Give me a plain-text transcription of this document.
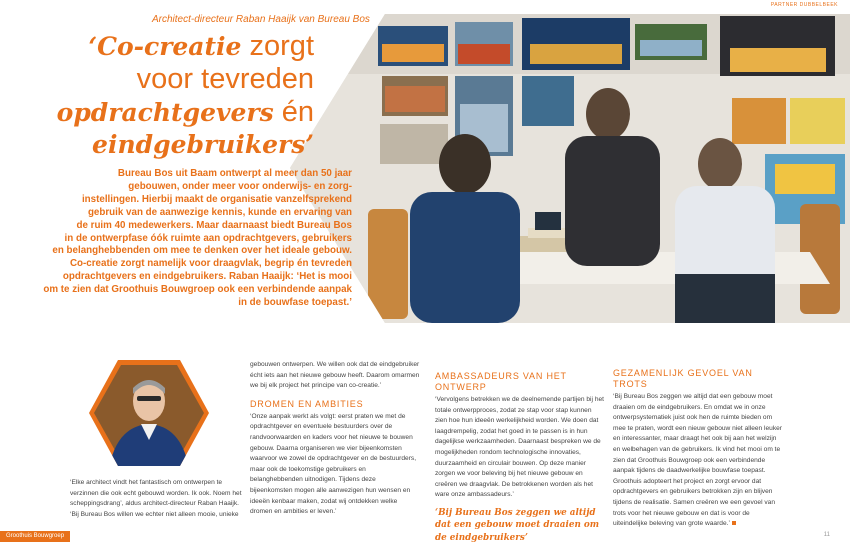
Architect-directeur Raban Haaijk van Bureau Bos
PARTNER DUBBELBEEK
‘Co-creatie zorgt
voor tevreden
opdrachtgevers én
eindgebruikers’
Bureau Bos uit Baam ontwerpt al meer dan 50 jaar
gebouwen, onder meer voor onderwijs- en zorg-
instellingen. Hierbij maakt de organisatie vanzelfsprekend
gebruik van de aanwezige kennis, kunde en ervaring van
de ruim 40 medewerkers. Maar daarnaast biedt Bureau Bos
in de ontwerpfase óók ruimte aan opdrachtgevers, gebruikers
en belanghebbenden om mee te denken over het ideale gebouw.
Co-creatie zorgt namelijk voor draagvlak, begrip én tevreden
opdrachtgevers en eindgebruikers. Raban Haaijk: ‘Het is mooi
om te zien dat Groothuis Bouwgroep ook een verbindende aanpak
in de bouwfase toepast.’

‘Elke architect vindt het fantastisch om ontwerpen te verzinnen die ook echt gebouwd worden. Ik ook. Noem het scheppingsdrang’, aldus architect-directeur Raban Haaijk. ‘Bij Bureau Bos willen we echter niet alleen mooie, unieke

gebouwen ontwerpen. We willen ook dat de eindgebruiker écht iets aan het nieuwe gebouw heeft. Daarom omarmen we bij elk project het principe van co-creatie.’

DROMEN EN AMBITIES

‘Onze aanpak werkt als volgt: eerst praten we met de opdrachtgever en eventuele bestuurders over de randvoorwaarden en kaders voor het nieuwe te bouwen gebouw. Daarna organiseren we vier bijeenkomsten waarvoor we zowel de opdrachtgever en de bestuurders, maar ook de toekomstige gebruikers en belanghebbenden uitnodigen. Tijdens deze bijeenkomsten mogen alle aanwezigen hun wensen en ideeën kenbaar maken, zodat wij ontdekken welke dromen en ambities er leven.’

AMBASSADEURS VAN HET ONTWERP

‘Vervolgens betrekken we de deelnemende partijen bij het totale ontwerpproces, zodat ze stap voor stap kunnen zien hoe hun ideeën werkelijkheid worden. We doen dat laagdrempelig, zodat het goed in te passen is in hun dagelijkse werkzaamheden. Daarnaast bespreken we de mogelijkheden rondom technologische innovaties, duurzaamheid en circulair bouwen. Op deze manier zorgen we voor beleving bij het nieuwe gebouw en creëren we draagvlak. De betrokkenen worden als het ware onze ambassadeurs.’

‘Bij Bureau Bos zeggen we altijd dat een gebouw moet draaien om de eindgebruikers’
GEZAMENLIJK GEVOEL VAN TROTS

‘Bij Bureau Bos zeggen we altijd dat een gebouw moet draaien om de eindgebruikers. En omdat we in onze ontwerpsystematiek juist ook hen de ruimte bieden om mee te praten, wordt een nieuw gebouw niet alleen leuker en interessanter, maar draagt het ook bij aan het welzijn en welbehagen van de gebruikers. Ik vind het mooi om te zien dat Groothuis Bouwgroep ook een verbindende aanpak tijdens de daadwerkelijke bouwfase toepast. Groothuis adopteert het project en zorgt ervoor dat opdrachtgevers en gebruikers betrokken zijn en blijven tijdens de realisatie. Samen creëren we een gevoel van trots voor het nieuwe gebouw en dat is voor de uiteindelijke beleving van grote waarde.’

Groothuis Bouwgroep	11
